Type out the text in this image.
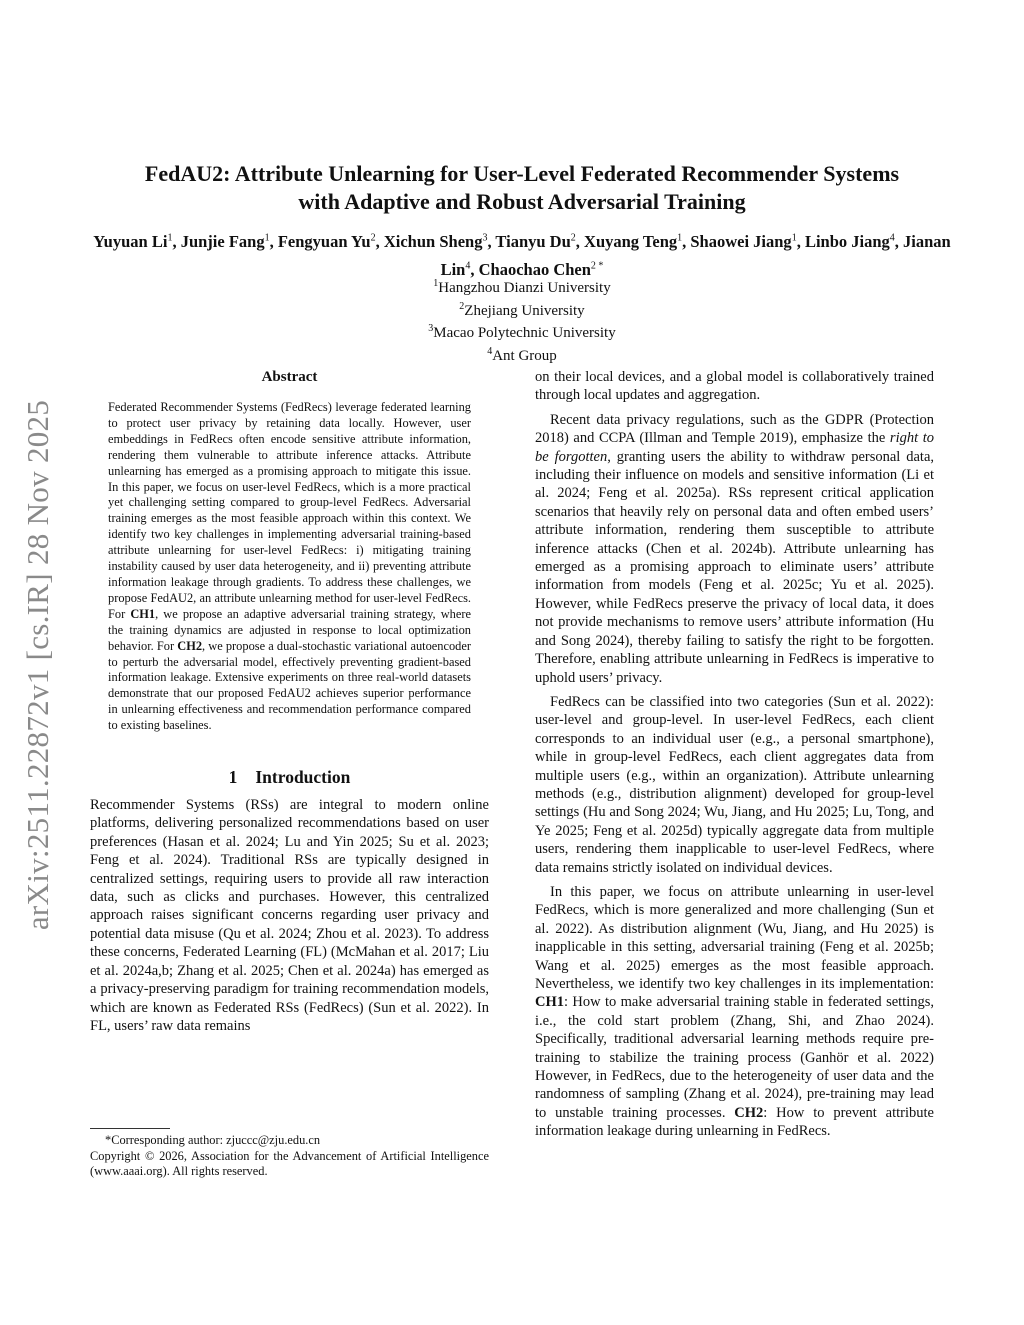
arXiv:2511.22872v1 [cs.IR] 28 Nov 2025
FedAU2: Attribute Unlearning for User-Level Federated Recommender Systems
with Adaptive and Robust Adversarial Training

Yuyuan Li$^1$, Junjie Fang$^1$, Fengyuan Yu$^2$, Xichun Sheng$^3$, Tianyu Du$^2$, Xuyang Teng$^1$, Shaowei Jiang$^1$, Linbo Jiang$^4$, Jianan Lin$^4$, Chaochao Chen$^{2 *}$

$^1$Hangzhou Dianzi University
$^2$Zhejiang University
$^3$Macao Polytechnic University
$^4$Ant Group
Abstract

Federated Recommender Systems (FedRecs) leverage federated learning to protect user privacy by retaining data locally. However, user embeddings in FedRecs often encode sensitive attribute information, rendering them vulnerable to attribute inference attacks. Attribute unlearning has emerged as a promising approach to mitigate this issue. In this paper, we focus on user-level FedRecs, which is a more practical yet challenging setting compared to group-level FedRecs. Adversarial training emerges as the most feasible approach within this context. We identify two key challenges in implementing adversarial training-based attribute unlearning for user-level FedRecs: i) mitigating training instability caused by user data heterogeneity, and ii) preventing attribute information leakage through gradients. To address these challenges, we propose FedAU2, an attribute unlearning method for user-level FedRecs. For CH1, we propose an adaptive adversarial training strategy, where the training dynamics are adjusted in response to local optimization behavior. For CH2, we propose a dual-stochastic variational autoencoder to perturb the adversarial model, effectively preventing gradient-based information leakage. Extensive experiments on three real-world datasets demonstrate that our proposed FedAU2 achieves superior performance in unlearning effectiveness and recommendation performance compared to existing baselines.

1 Introduction

Recommender Systems (RSs) are integral to modern online platforms, delivering personalized recommendations based on user preferences (Hasan et al. 2024; Lu and Yin 2025; Su et al. 2023; Feng et al. 2024). Traditional RSs are typically designed in centralized settings, requiring users to provide all raw interaction data, such as clicks and purchases. However, this centralized approach raises significant concerns regarding user privacy and potential data misuse (Qu et al. 2024; Zhou et al. 2023). To address these concerns, Federated Learning (FL) (McMahan et al. 2017; Liu et al. 2024a,b; Zhang et al. 2025; Chen et al. 2024a) has emerged as a privacy-preserving paradigm for training recommendation models, which are known as Federated RSs (FedRecs) (Sun et al. 2022). In FL, users’ raw data remains

*Corresponding author: zjuccc@zju.edu.cn

Copyright © 2026, Association for the Advancement of Artificial Intelligence (www.aaai.org). All rights reserved.

on their local devices, and a global model is collaboratively trained through local updates and aggregation.

Recent data privacy regulations, such as the GDPR (Protection 2018) and CCPA (Illman and Temple 2019), emphasize the right to be forgotten, granting users the ability to withdraw personal data, including their influence on models and sensitive information (Li et al. 2024; Feng et al. 2025a). RSs represent critical application scenarios that heavily rely on personal data and often embed users’ attribute information, rendering them susceptible to attribute inference attacks (Chen et al. 2024b). Attribute unlearning has emerged as a promising approach to eliminate users’ attribute information from models (Feng et al. 2025c; Yu et al. 2025). However, while FedRecs preserve the privacy of local data, it does not provide mechanisms to remove users’ attribute information (Hu and Song 2024), thereby failing to satisfy the right to be forgotten. Therefore, enabling attribute unlearning in FedRecs is imperative to uphold users’ privacy.

FedRecs can be classified into two categories (Sun et al. 2022): user-level and group-level. In user-level FedRecs, each client corresponds to an individual user (e.g., a personal smartphone), while in group-level FedRecs, each client aggregates data from multiple users (e.g., within an organization). Attribute unlearning methods (e.g., distribution alignment) developed for group-level settings (Hu and Song 2024; Wu, Jiang, and Hu 2025; Lu, Tong, and Ye 2025; Feng et al. 2025d) typically aggregate data from multiple users, rendering them inapplicable to user-level FedRecs, where data remains strictly isolated on individual devices.

In this paper, we focus on attribute unlearning in user-level FedRecs, which is more generalized and more challenging (Sun et al. 2022). As distribution alignment (Wu, Jiang, and Hu 2025) is inapplicable in this setting, adversarial training (Feng et al. 2025b; Wang et al. 2025) emerges as the most feasible approach. Nevertheless, we identify two key challenges in its implementation: CH1: How to make adversarial training stable in federated settings, i.e., the cold start problem (Zhang, Shi, and Zhao 2024). Specifically, traditional adversarial learning methods require pre-training to stabilize the training process (Ganhör et al. 2022) However, in FedRecs, due to the heterogeneity of user data and the randomness of sampling (Zhang et al. 2024), pre-training may lead to unstable training processes. CH2: How to prevent attribute information leakage during unlearning in FedRecs.
